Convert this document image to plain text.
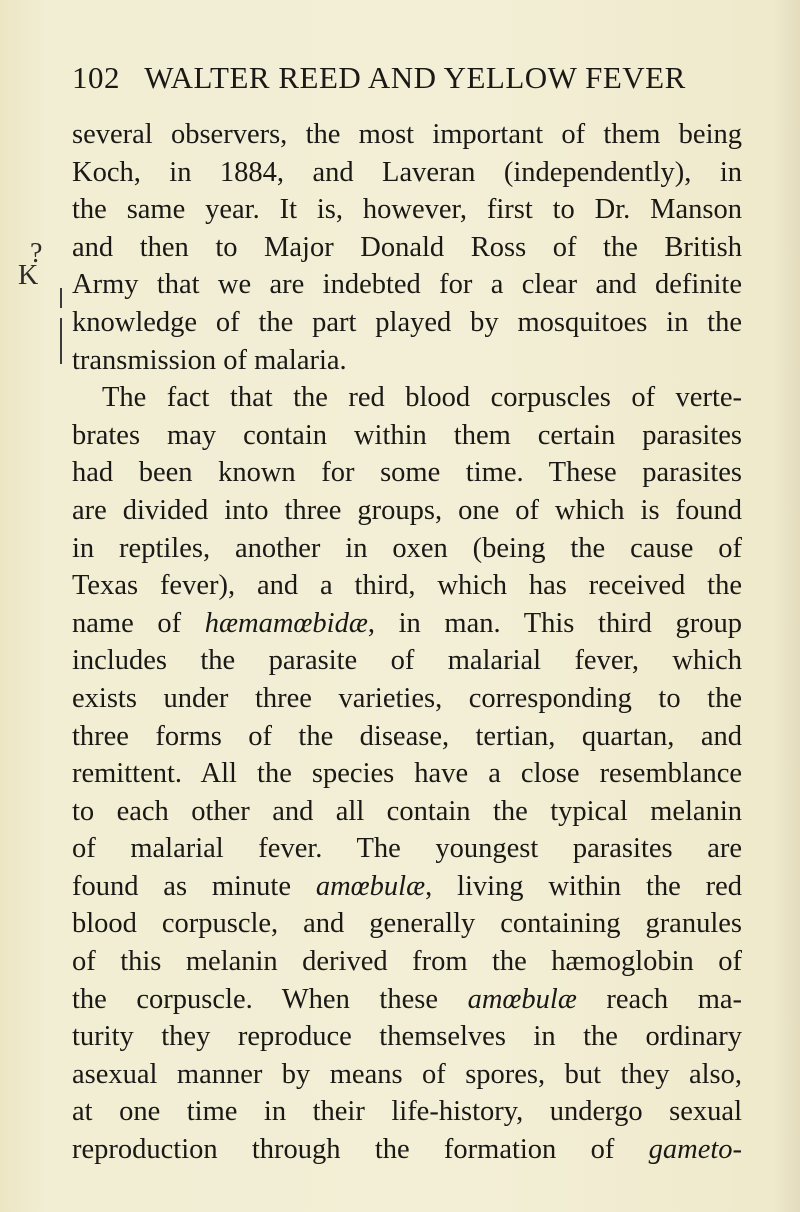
102 WALTER REED AND YELLOW FEVER
?
K
several observers, the most important of them being
Koch, in 1884, and Laveran (independently), in
the same year. It is, however, first to Dr. Manson
and then to Major Donald Ross of the British
Army that we are indebted for a clear and definite
knowledge of the part played by mosquitoes in the
transmission of malaria.
The fact that the red blood corpuscles of verte-
brates may contain within them certain parasites
had been known for some time. These parasites
are divided into three groups, one of which is found
in reptiles, another in oxen (being the cause of
Texas fever), and a third, which has received the
name of hæmamœbidæ, in man. This third group
includes the parasite of malarial fever, which
exists under three varieties, corresponding to the
three forms of the disease, tertian, quartan, and
remittent. All the species have a close resemblance
to each other and all contain the typical melanin
of malarial fever. The youngest parasites are
found as minute amœbulæ, living within the red
blood corpuscle, and generally containing granules
of this melanin derived from the hæmoglobin of
the corpuscle. When these amœbulæ reach ma-
turity they reproduce themselves in the ordinary
asexual manner by means of spores, but they also,
at one time in their life-history, undergo sexual
reproduction through the formation of gameto-
